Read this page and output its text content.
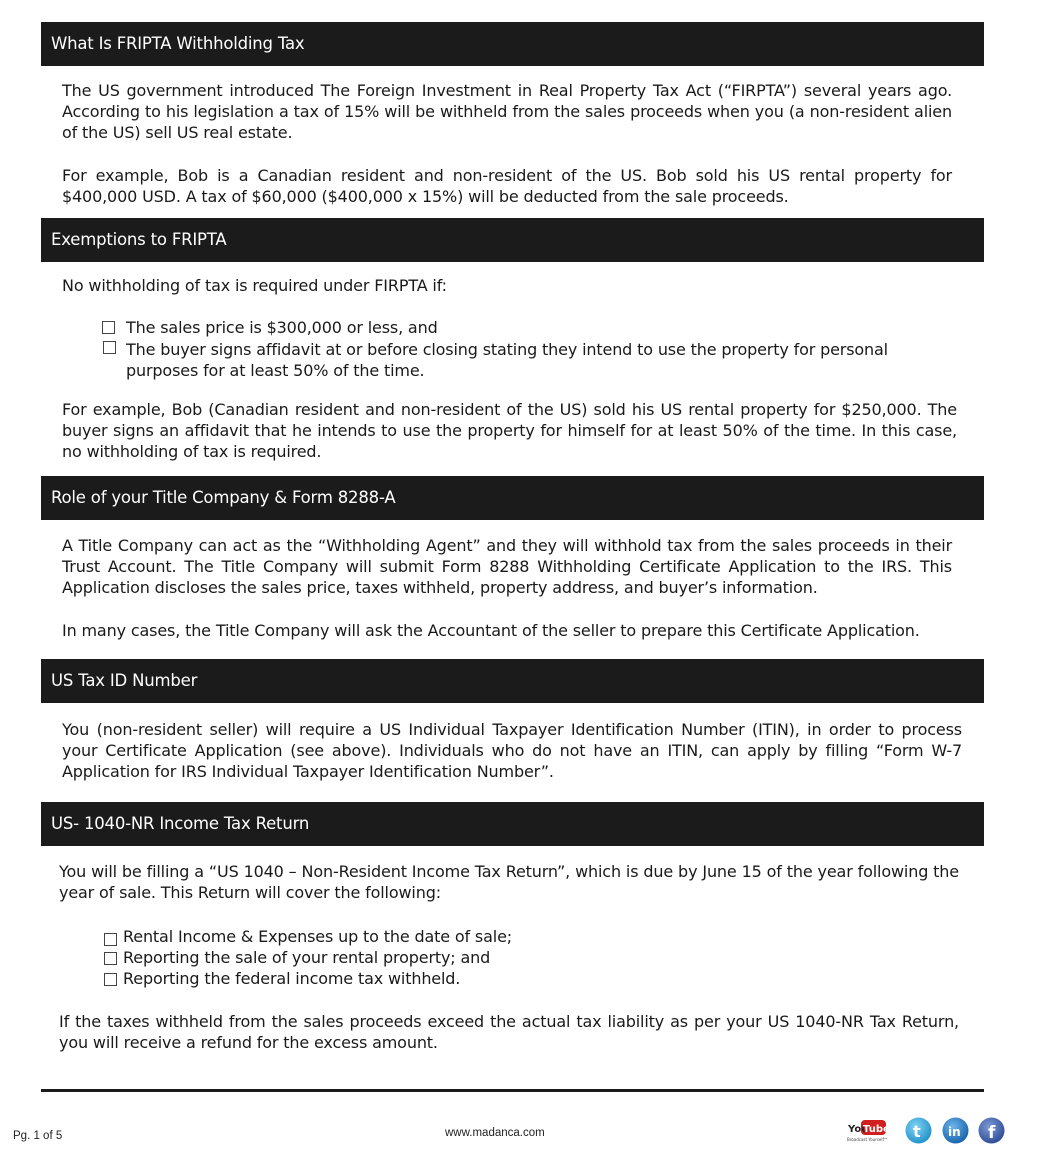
What Is FRIPTA Withholding Tax

The US government introduced The Foreign Investment in Real Property Tax Act (“FIRPTA”) several years ago. According to his legislation a tax of 15% will be withheld from the sales proceeds when you (a non-resident alien of the US) sell US real estate.

For example, Bob is a Canadian resident and non-resident of the US. Bob sold his US rental property for $400,000 USD. A tax of $60,000 ($400,000 x 15%) will be deducted from the sale proceeds.

Exemptions to FRIPTA

No withholding of tax is required under FIRPTA if:

The sales price is $300,000 or less, and
The buyer signs affidavit at or before closing stating they intend to use the property for personal purposes for at least 50% of the time.

For example, Bob (Canadian resident and non-resident of the US) sold his US rental property for $250,000. The buyer signs an affidavit that he intends to use the property for himself for at least 50% of the time. In this case, no withholding of tax is required.

Role of your Title Company & Form 8288-A

A Title Company can act as the “Withholding Agent” and they will withhold tax from the sales proceeds in their Trust Account. The Title Company will submit Form 8288 Withholding Certificate Application to the IRS. This Application discloses the sales price, taxes withheld, property address, and buyer’s information.

In many cases, the Title Company will ask the Accountant of the seller to prepare this Certificate Application.

US Tax ID Number

You (non-resident seller) will require a US Individual Taxpayer Identification Number (ITIN), in order to process your Certificate Application (see above). Individuals who do not have an ITIN, can apply by filling “Form W-7 Application for IRS Individual Taxpayer Identification Number”.

US- 1040-NR Income Tax Return

You will be filling a “US 1040 – Non-Resident Income Tax Return”, which is due by June 15 of the year following the year of sale. This Return will cover the following:

Rental Income & Expenses up to the date of sale;
Reporting the sale of your rental property; and
Reporting the federal income tax withheld.

If the taxes withheld from the sales proceeds exceed the actual tax liability as per your US 1040-NR Tax Return, you will receive a refund for the excess amount.

Pg. 1 of 5	www.madanca.com	You
Tube
Broadcast Yourself™ t in f
